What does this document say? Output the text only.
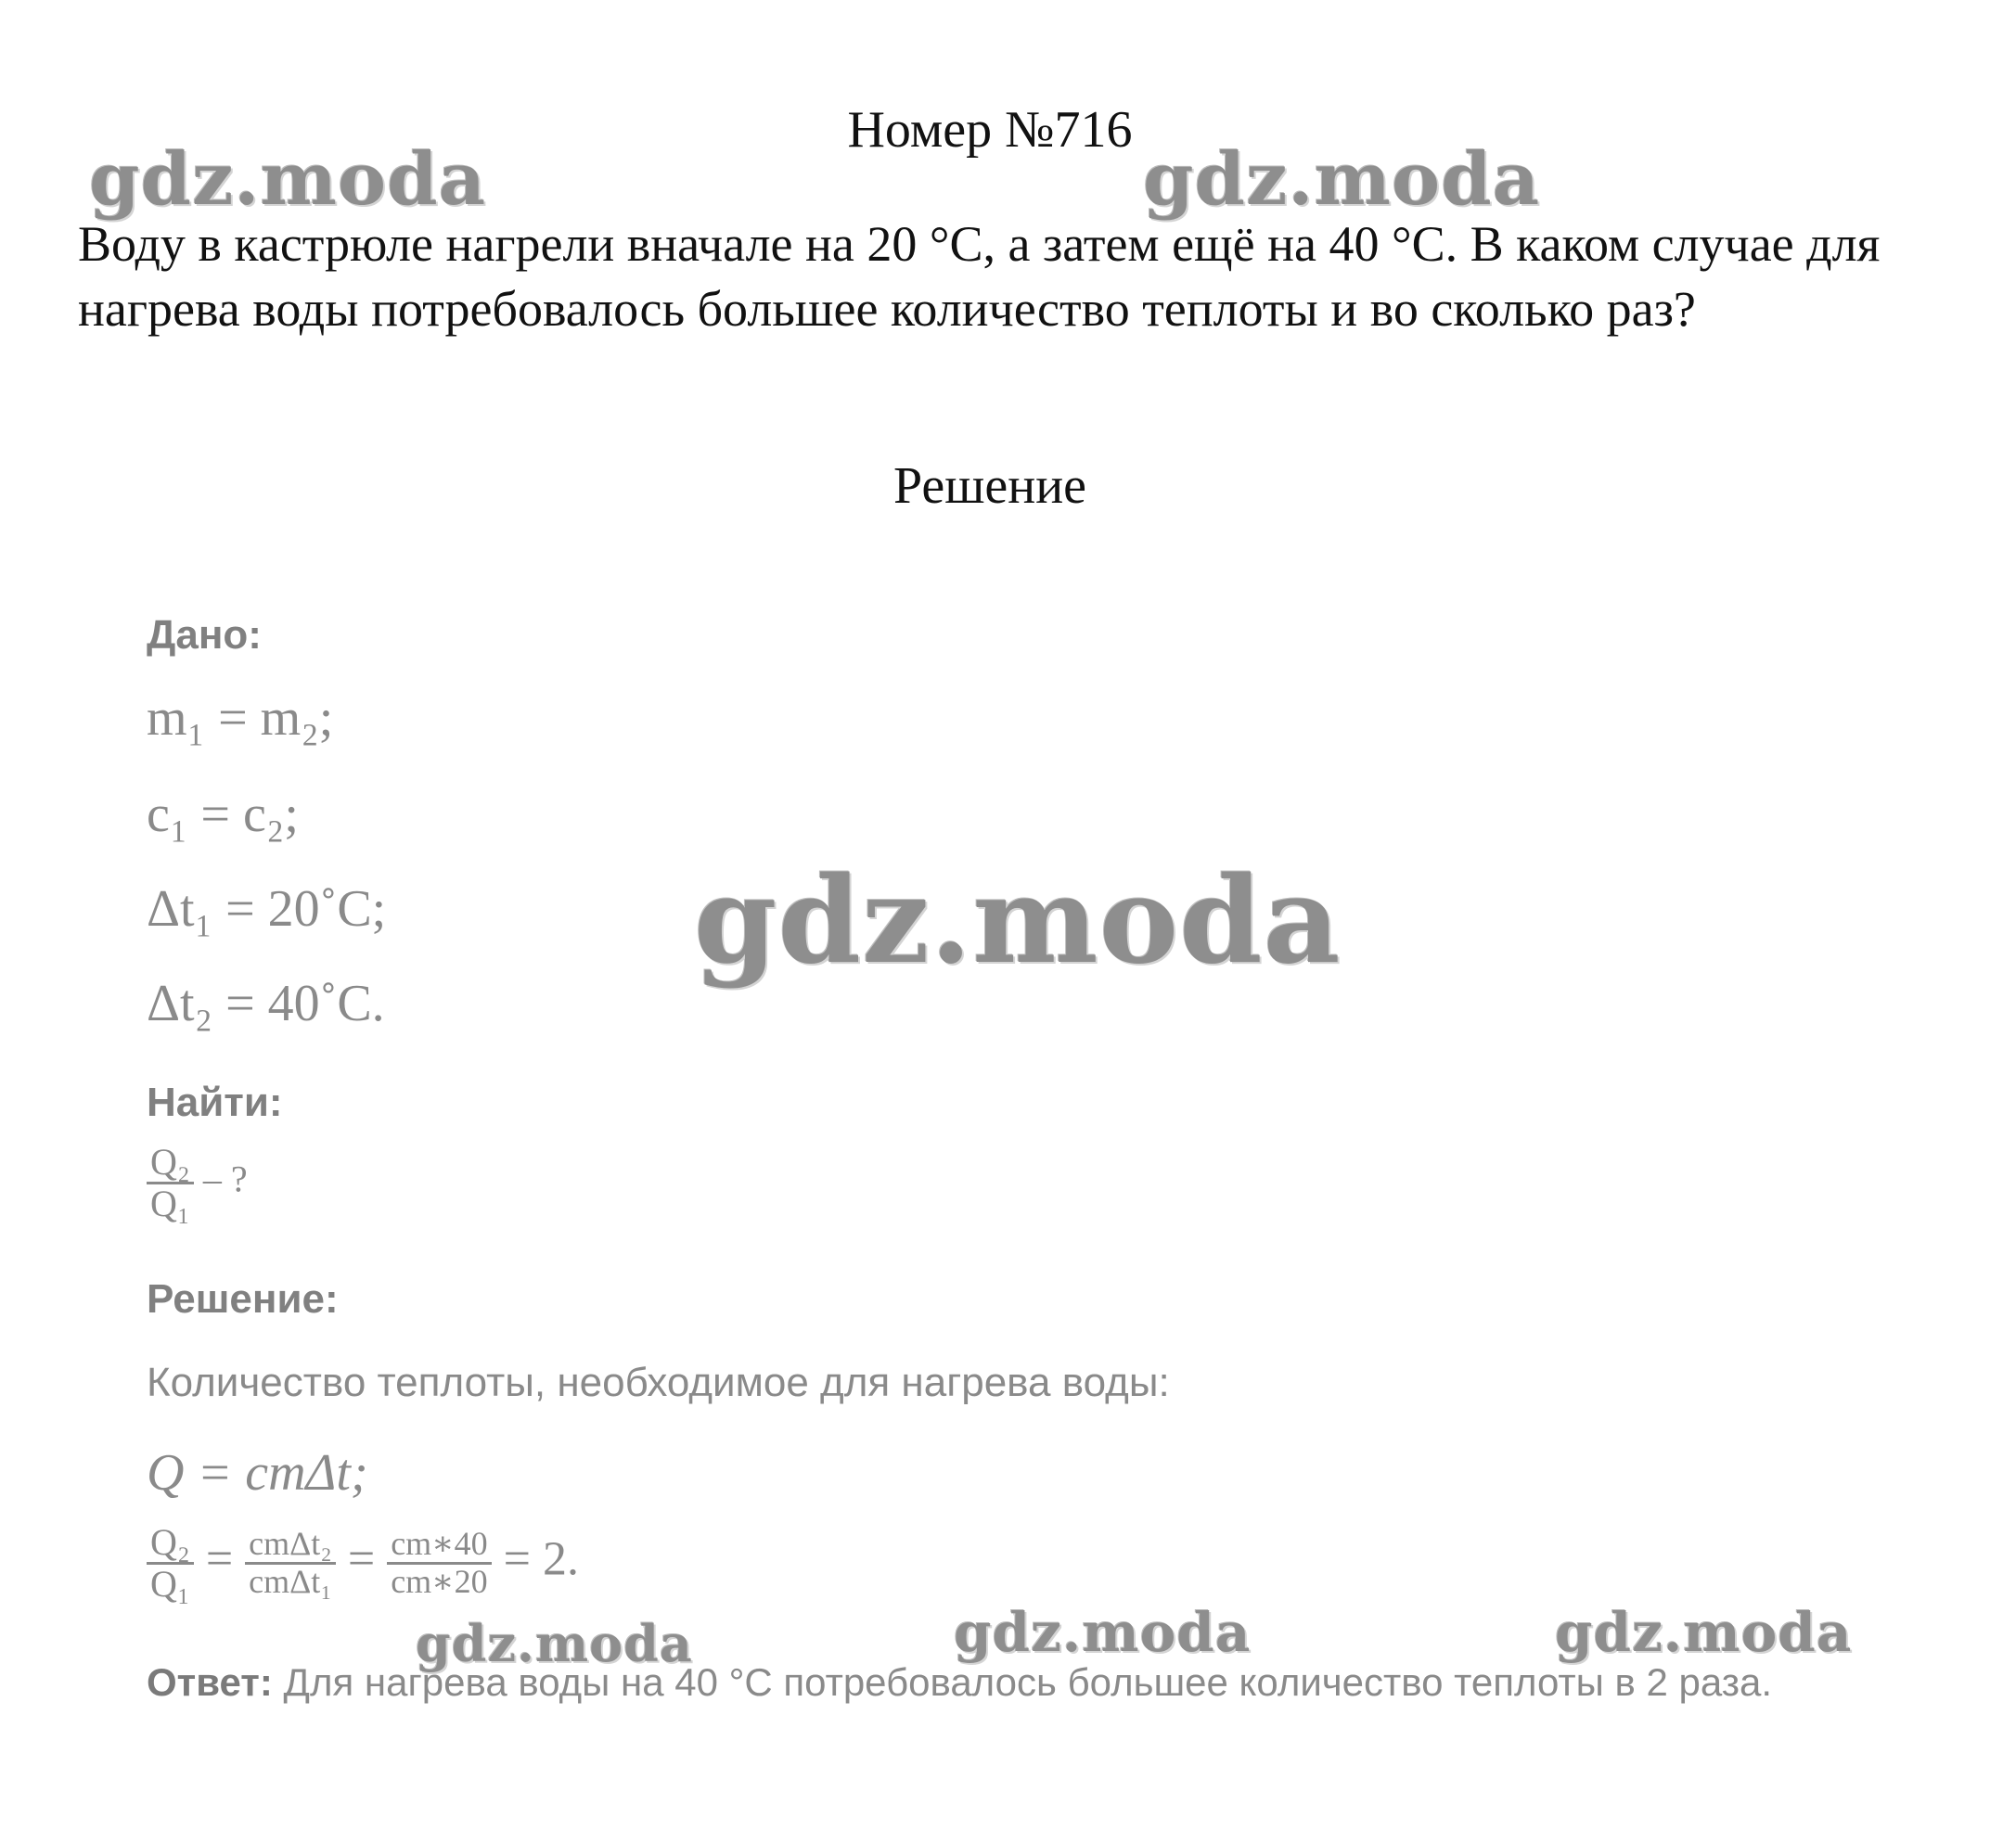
Номер №716
gdz.moda	gdz.moda

Воду в кастрюле нагрели вначале на 20 °С, а затем ещё на 40 °С. В каком случае для нагрева воды потребовалось большее количество теплоты и во сколько раз?

Решение
gdz.moda
Дано:
m₁ = m₂;
c₁ = c₂;
Δt₁ = 20˚C;
Δt₂ = 40˚C.
Найти:
$\frac{\text{Q₂}}{\text{Q₁}}$ – ?
Решение:
Количество теплоты, необходимое для нагрева воды:
Q = cmΔt;
$\frac{\text{Q₂}}{\text{Q₁}} = \frac{\text{cmΔt₂}}{\text{cmΔt₁}} = \frac{cm∗40}{cm∗20} = 2$.
gdz.moda	gdz.moda	gdz.moda
Ответ: Для нагрева воды на 40 °С потребовалось большее количество теплоты в 2 раза.
